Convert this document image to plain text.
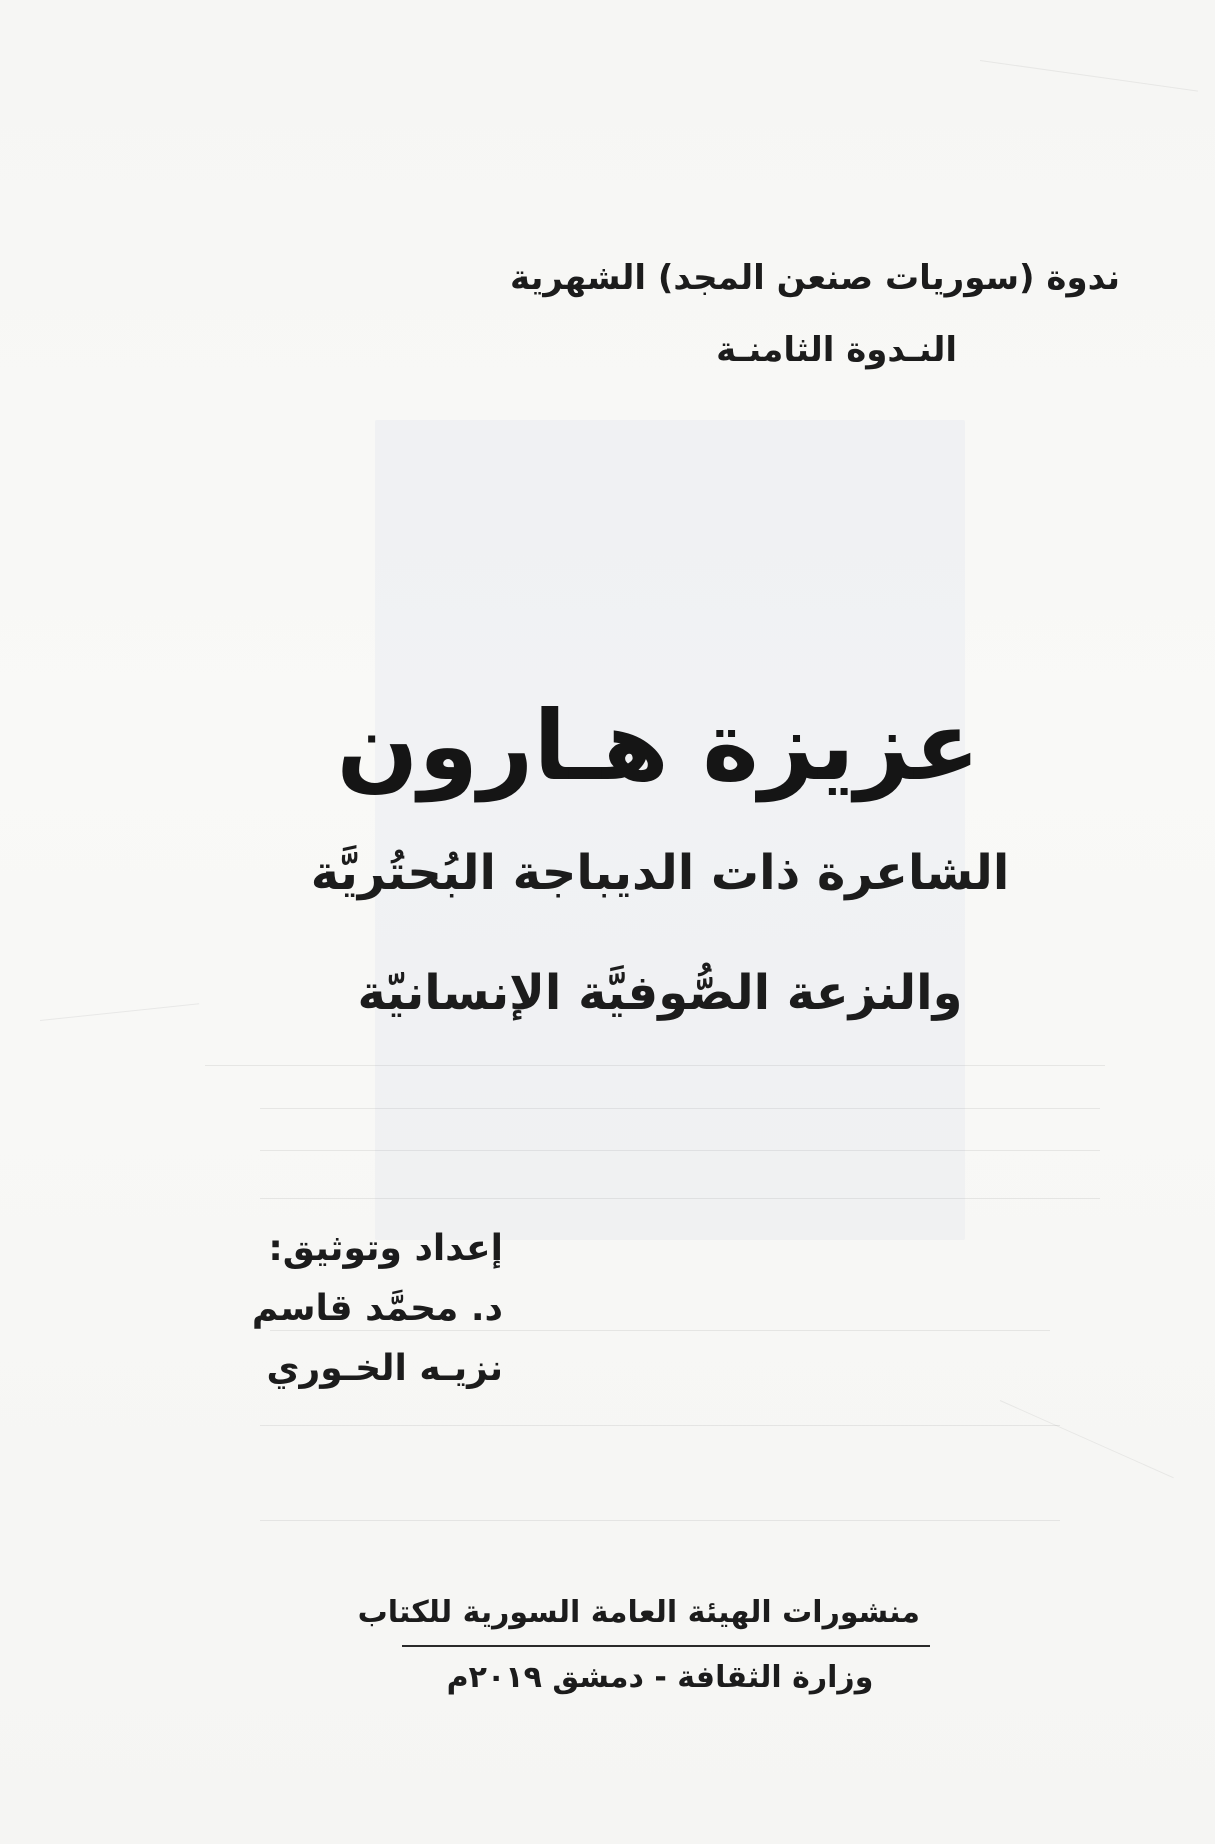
ندوة (سوريات صنعن المجد) الشهرية
النـدوة الثامنـة
عزيزة هـارون
الشاعرة ذات الديباجة البُحتُريَّة
والنزعة الصُّوفيَّة الإنسانيّة
إعداد وتوثيق:
د. محمَّد قاسم
نزيـه الخـوري
منشورات الهيئة العامة السورية للكتاب
وزارة الثقافة - دمشق ٢٠١٩م
